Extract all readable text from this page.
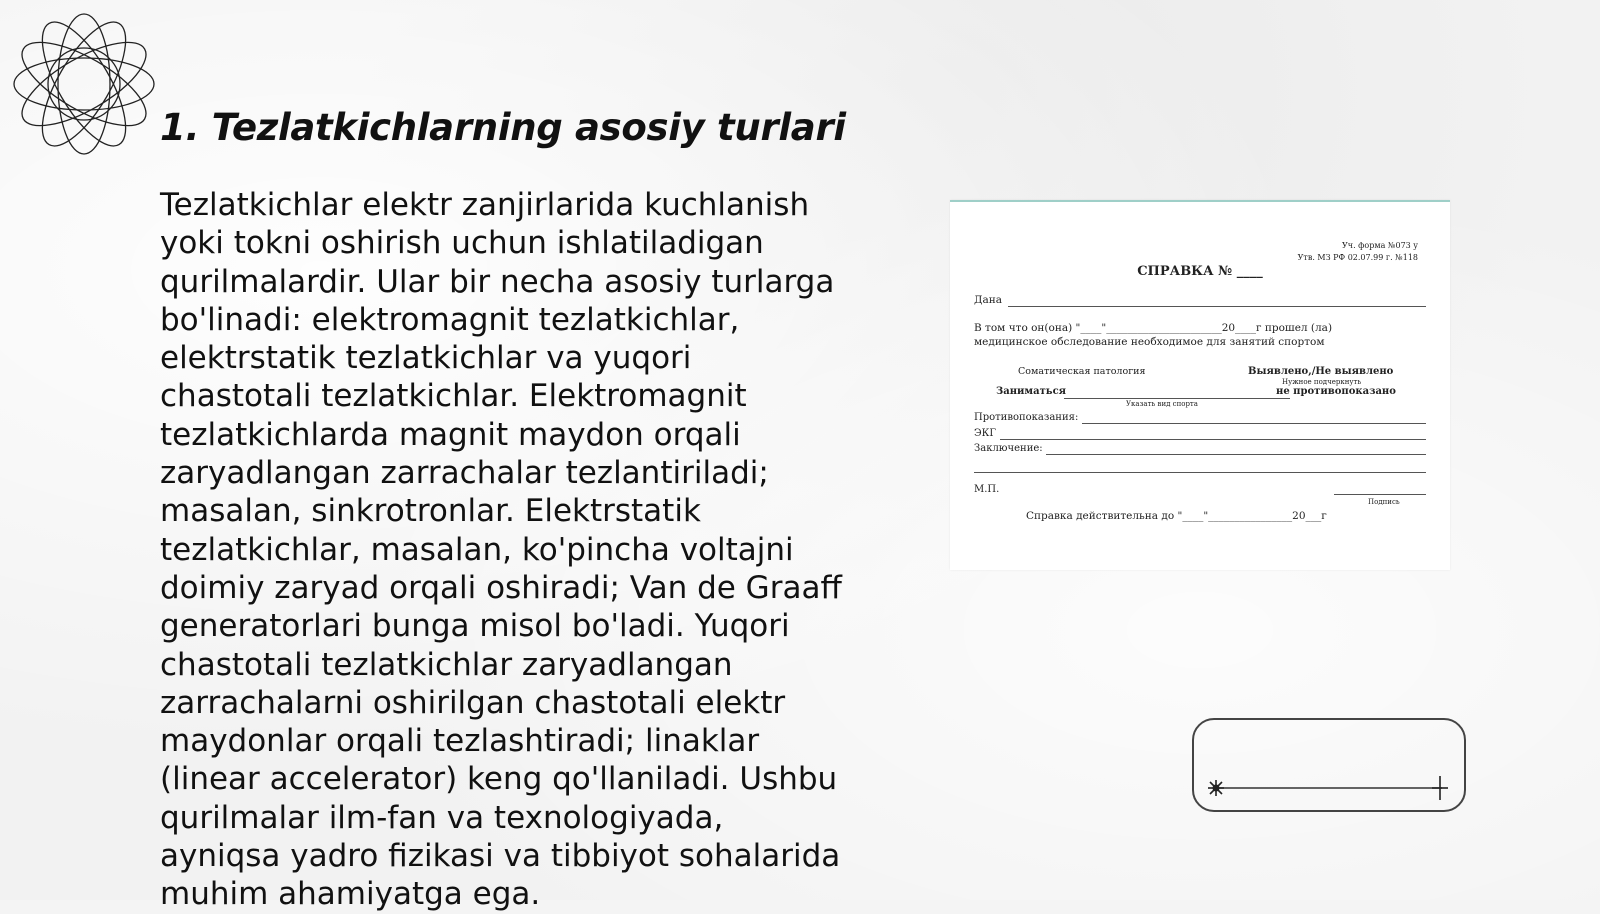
1. Tezlatkichlarning asosiy turlari

Tezlatkichlar elektr zanjirlarida kuchlanish yoki tokni oshirish uchun ishlatiladigan qurilmalardir. Ular bir necha asosiy turlarga bo'linadi: elektromagnit tezlatkichlar, elektrstatik tezlatkichlar va yuqori chastotali tezlatkichlar. Elektromagnit tezlatkichlarda magnit maydon orqali zaryadlangan zarrachalar tezlantiriladi; masalan, sinkrotronlar. Elektrstatik tezlatkichlar, masalan, ko'pincha voltajni doimiy zaryad orqali oshiradi; Van de Graaff generatorlari bunga misol bo'ladi. Yuqori chastotali tezlatkichlar zaryadlangan zarrachalarni oshirilgan chastotali elektr maydonlar orqali tezlashtiradi; linaklar (linear accelerator) keng qo'llaniladi. Ushbu qurilmalar ilm-fan va texnologiyada, ayniqsa yadro fizikasi va tibbiyot sohalarida muhim ahamiyatga ega.

Уч. форма №073 у
Утв. МЗ РФ 02.07.99 г. №118
СПРАВКА № ____
Дана
В том что он(она) "____"______________________20____г прошел (ла)
медицинское обследование необходимое для занятий спортом
Соматическая патология	Выявлено,/Не выявлено
Нужное подчеркнуть
Заниматься	не противопоказано
Указать вид спорта
Противопоказания:
ЭКГ
Заключение:
М.П.
Подпись
Справка действительна до "____"________________20___г
